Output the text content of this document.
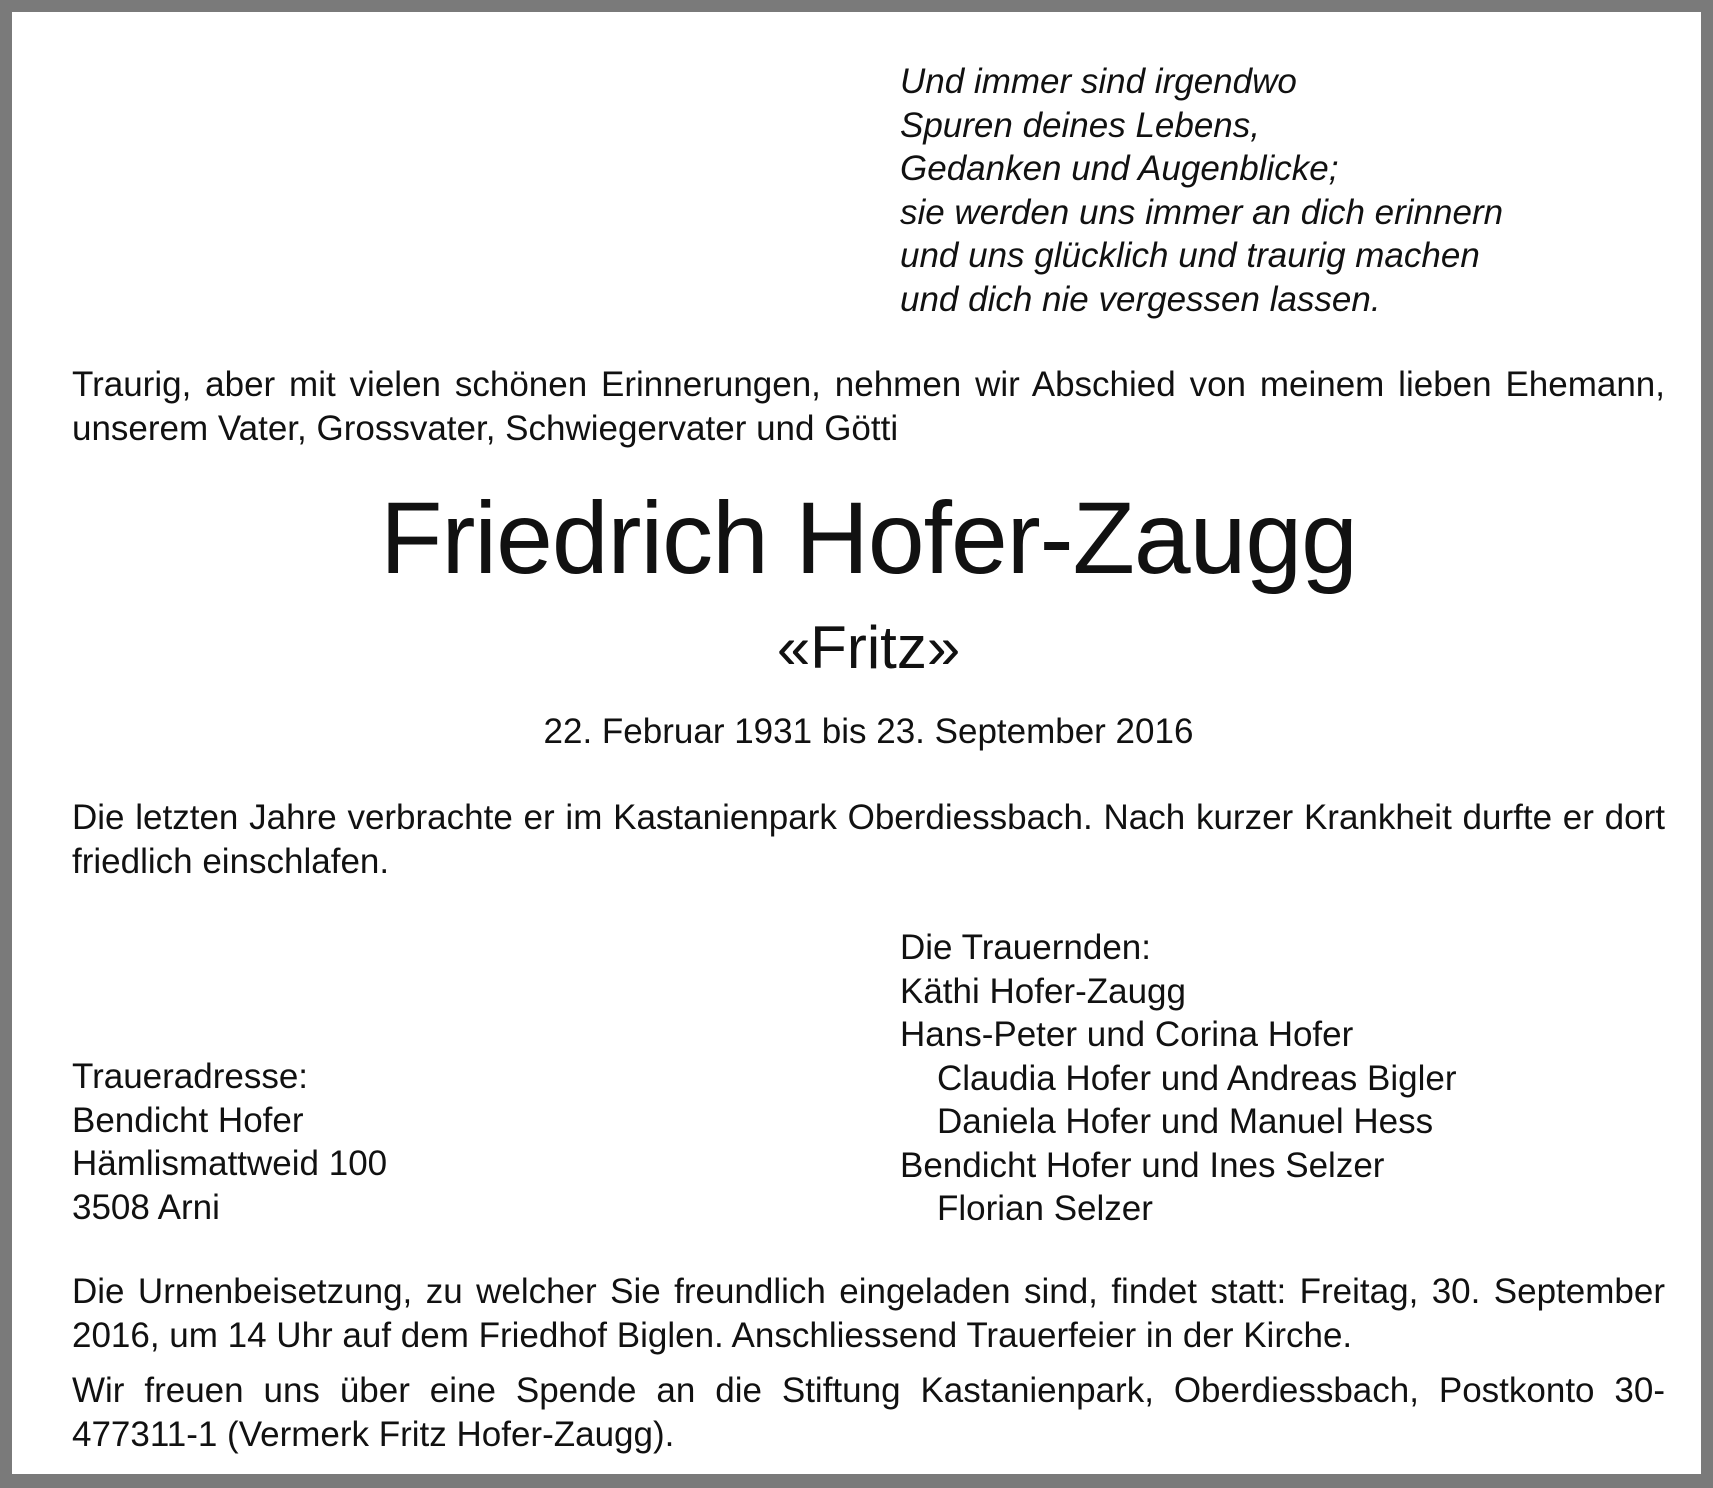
Und immer sind irgendwo
Spuren deines Lebens,
Gedanken und Augenblicke;
sie werden uns immer an dich erinnern
und uns glücklich und traurig machen
und dich nie vergessen lassen.

Traurig, aber mit vielen schönen Erinnerungen, nehmen wir Abschied von meinem lieben Ehemann, unserem Vater, Grossvater, Schwiegervater und Götti

Friedrich Hofer-Zaugg
«Fritz»
22. Februar 1931 bis 23. September 2016

Die letzten Jahre verbrachte er im Kastanienpark Oberdiessbach. Nach kurzer Krankheit durfte er dort friedlich einschlafen.

Die Trauernden:
Käthi Hofer-Zaugg
Hans-Peter und Corina Hofer
Claudia Hofer und Andreas Bigler
Daniela Hofer und Manuel Hess
Bendicht Hofer und Ines Selzer
Florian Selzer
Traueradresse:
Bendicht Hofer
Hämlismattweid 100
3508 Arni

Die Urnenbeisetzung, zu welcher Sie freundlich eingeladen sind, findet statt: Freitag, 30. September 2016, um 14 Uhr auf dem Friedhof Biglen. Anschliessend Trauerfeier in der Kirche.

Wir freuen uns über eine Spende an die Stiftung Kastanienpark, Oberdiessbach, Postkonto 30-477311-1 (Vermerk Fritz Hofer-Zaugg).
